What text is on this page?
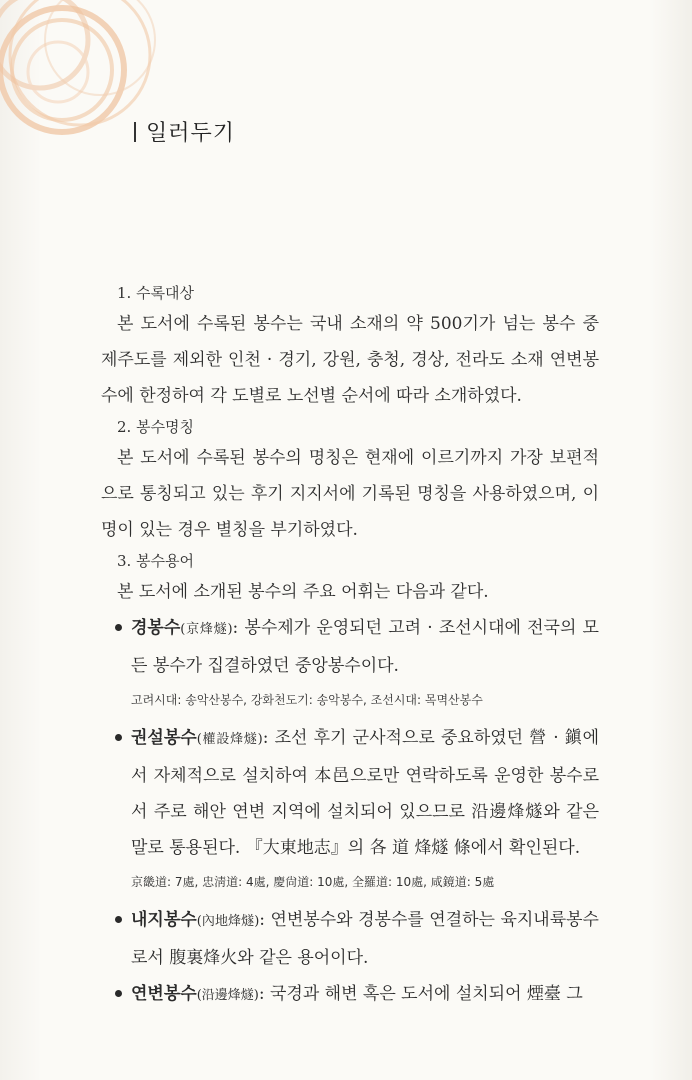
일러두기

1. 수록대상

본 도서에 수록된 봉수는 국내 소재의 약 500기가 넘는 봉수 중 제주도를 제외한 인천 · 경기, 강원, 충청, 경상, 전라도 소재 연변봉수에 한정하여 각 도별로 노선별 순서에 따라 소개하였다.

2. 봉수명칭

본 도서에 수록된 봉수의 명칭은 현재에 이르기까지 가장 보편적으로 통칭되고 있는 후기 지지서에 기록된 명칭을 사용하였으며, 이명이 있는 경우 별칭을 부기하였다.

3. 봉수용어

본 도서에 소개된 봉수의 주요 어휘는 다음과 같다.

경봉수(京烽燧): 봉수제가 운영되던 고려 · 조선시대에 전국의 모든 봉수가 집결하였던 중앙봉수이다.

고려시대: 송악산봉수, 강화천도기: 송악봉수, 조선시대: 목멱산봉수

권설봉수(權設烽燧): 조선 후기 군사적으로 중요하였던 營 · 鎭에서 자체적으로 설치하여 本邑으로만 연락하도록 운영한 봉수로서 주로 해안 연변 지역에 설치되어 있으므로 沿邊烽燧와 같은 말로 통용된다. 『大東地志』의 各 道 烽燧 條에서 확인된다.

京畿道: 7處, 忠淸道: 4處, 慶尙道: 10處, 全羅道: 10處, 咸鏡道: 5處

내지봉수(內地烽燧): 연변봉수와 경봉수를 연결하는 육지내륙봉수로서 腹裏烽火와 같은 용어이다.
연변봉수(沿邊烽燧): 국경과 해변 혹은 도서에 설치되어 煙臺 그
